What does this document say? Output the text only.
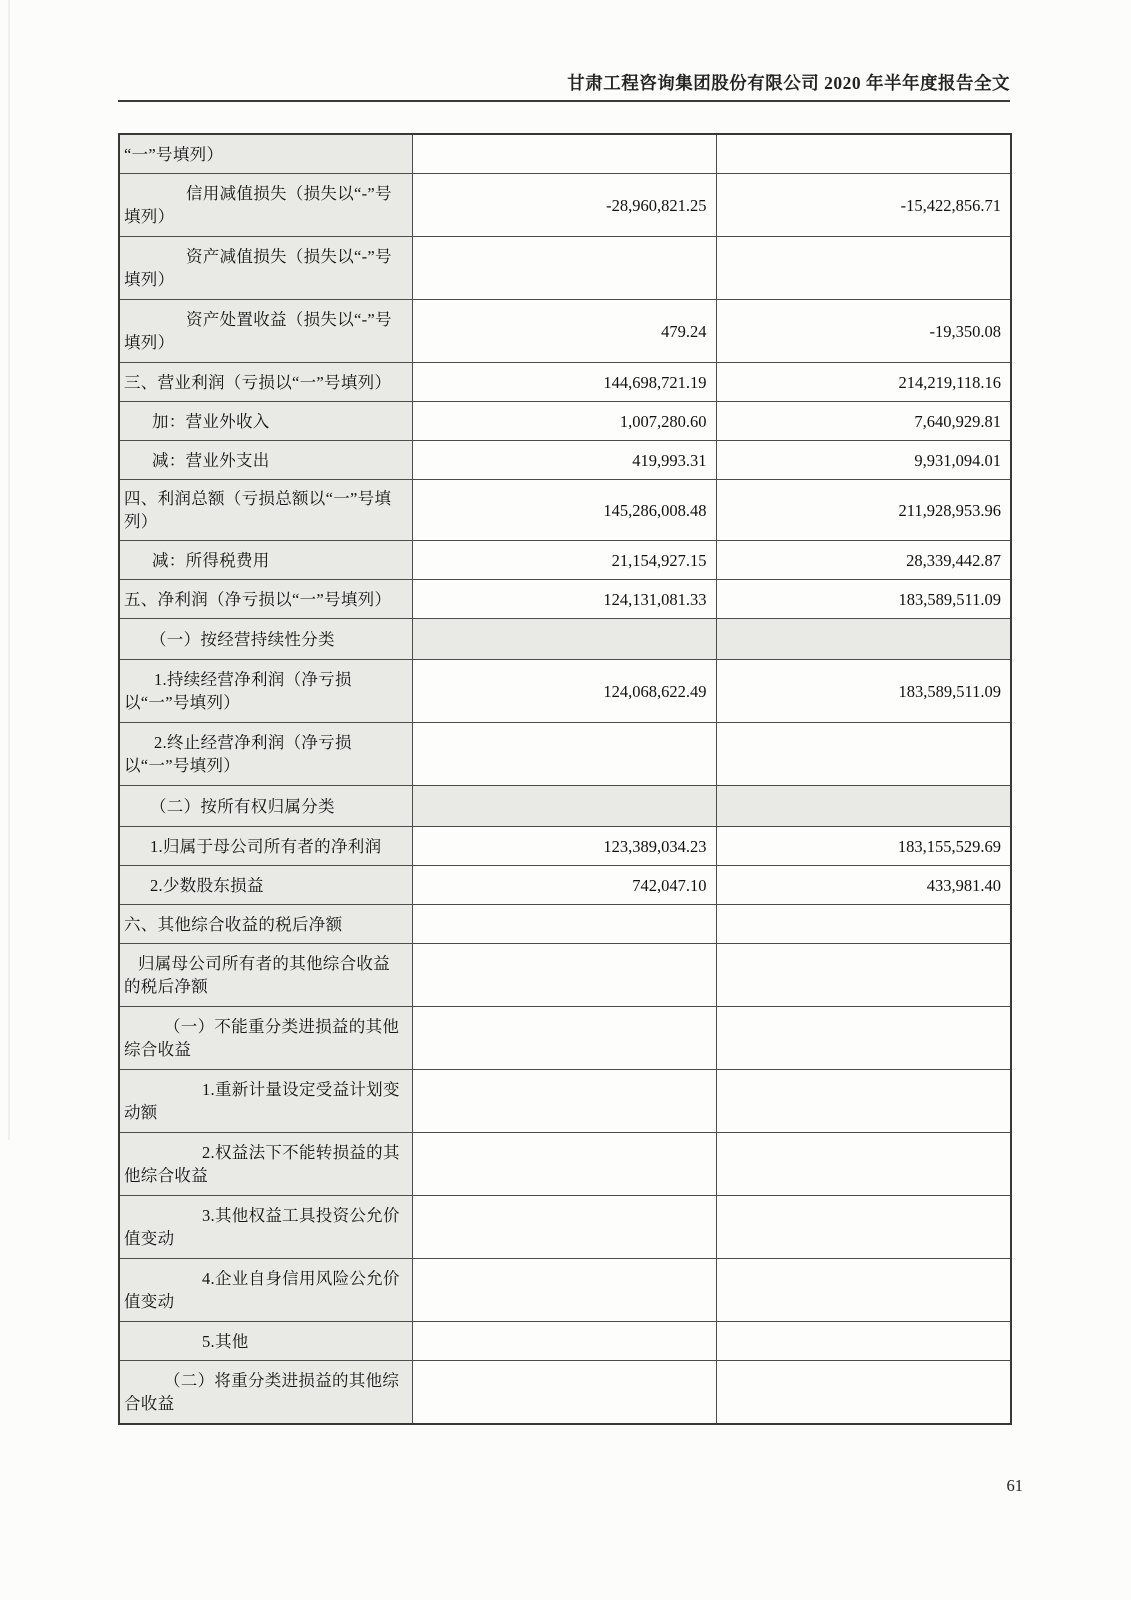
甘肃工程咨询集团股份有限公司 2020 年半年度报告全文
“一”号填列）		
信用减值损失（损失以“-”号填列）	-28,960,821.25	-15,422,856.71
资产减值损失（损失以“-”号填列）		
资产处置收益（损失以“-”号填列）	479.24	-19,350.08
三、营业利润（亏损以“一”号填列）	144,698,721.19	214,219,118.16
加：营业外收入	1,007,280.60	7,640,929.81
减：营业外支出	419,993.31	9,931,094.01
四、利润总额（亏损总额以“一”号填列）	145,286,008.48	211,928,953.96
减：所得税费用	21,154,927.15	28,339,442.87
五、净利润（净亏损以“一”号填列）	124,131,081.33	183,589,511.09
（一）按经营持续性分类		
1.持续经营净利润（净亏损以“一”号填列）	124,068,622.49	183,589,511.09
2.终止经营净利润（净亏损以“一”号填列）		
（二）按所有权归属分类		
1.归属于母公司所有者的净利润	123,389,034.23	183,155,529.69
2.少数股东损益	742,047.10	433,981.40
六、其他综合收益的税后净额		
归属母公司所有者的其他综合收益的税后净额		
（一）不能重分类进损益的其他综合收益		
1.重新计量设定受益计划变动额		
2.权益法下不能转损益的其他综合收益		
3.其他权益工具投资公允价值变动		
4.企业自身信用风险公允价值变动		
5.其他		
（二）将重分类进损益的其他综合收益		
61
